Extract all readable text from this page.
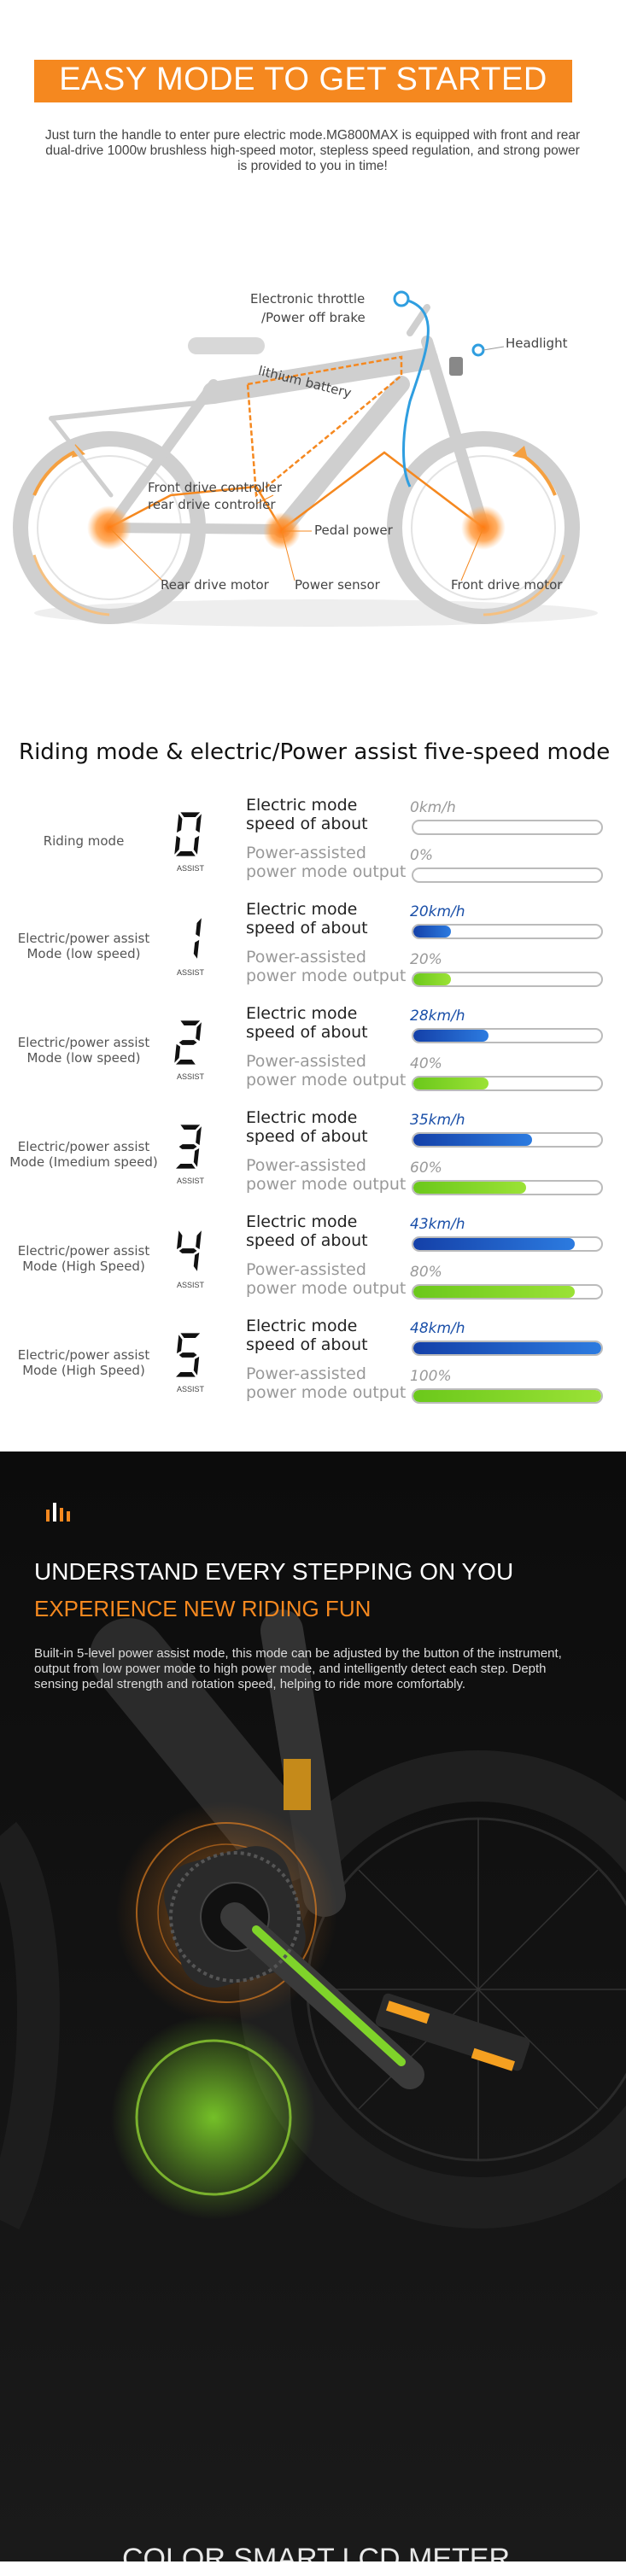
EASY MODE TO GET STARTED
Just turn the handle to enter pure electric mode.MG800MAX is equipped with front and rear dual-drive 1000w brushless high-speed motor, stepless speed regulation, and strong power is provided to you in time!
Electronic throttle
/Power off brake
Headlight
lithium battery
Front drive controller
rear drive controller
Pedal power
Rear drive motor Power sensor	Front drive motor
Riding mode & electric/Power assist five-speed mode
Riding mode
ASSIST
Electric mode speed of about
Power-assisted power mode output
0km/h
0%
Electric/power assist Mode (low speed)
ASSIST
Electric mode speed of about
Power-assisted power mode output
20km/h
20%
Electric/power assist Mode (low speed)
ASSIST
Electric mode speed of about
Power-assisted power mode output
28km/h
40%
Electric/power assist Mode (Imedium speed)
ASSIST
Electric mode speed of about
Power-assisted power mode output
35km/h
60%
Electric/power assist Mode (High Speed)
ASSIST
Electric mode speed of about
Power-assisted power mode output
43km/h
80%
Electric/power assist Mode (High Speed)
ASSIST
Electric mode speed of about
Power-assisted power mode output
48km/h
100%
UNDERSTAND EVERY STEPPING ON YOU
EXPERIENCE NEW RIDING FUN
Built-in 5-level power assist mode, this mode can be adjusted by the button of the instrument, output from low power mode to high power mode, and intelligently detect each step. Depth sensing pedal strength and rotation speed, helping to ride more comfortably.
COLOR SMART LCD METER
